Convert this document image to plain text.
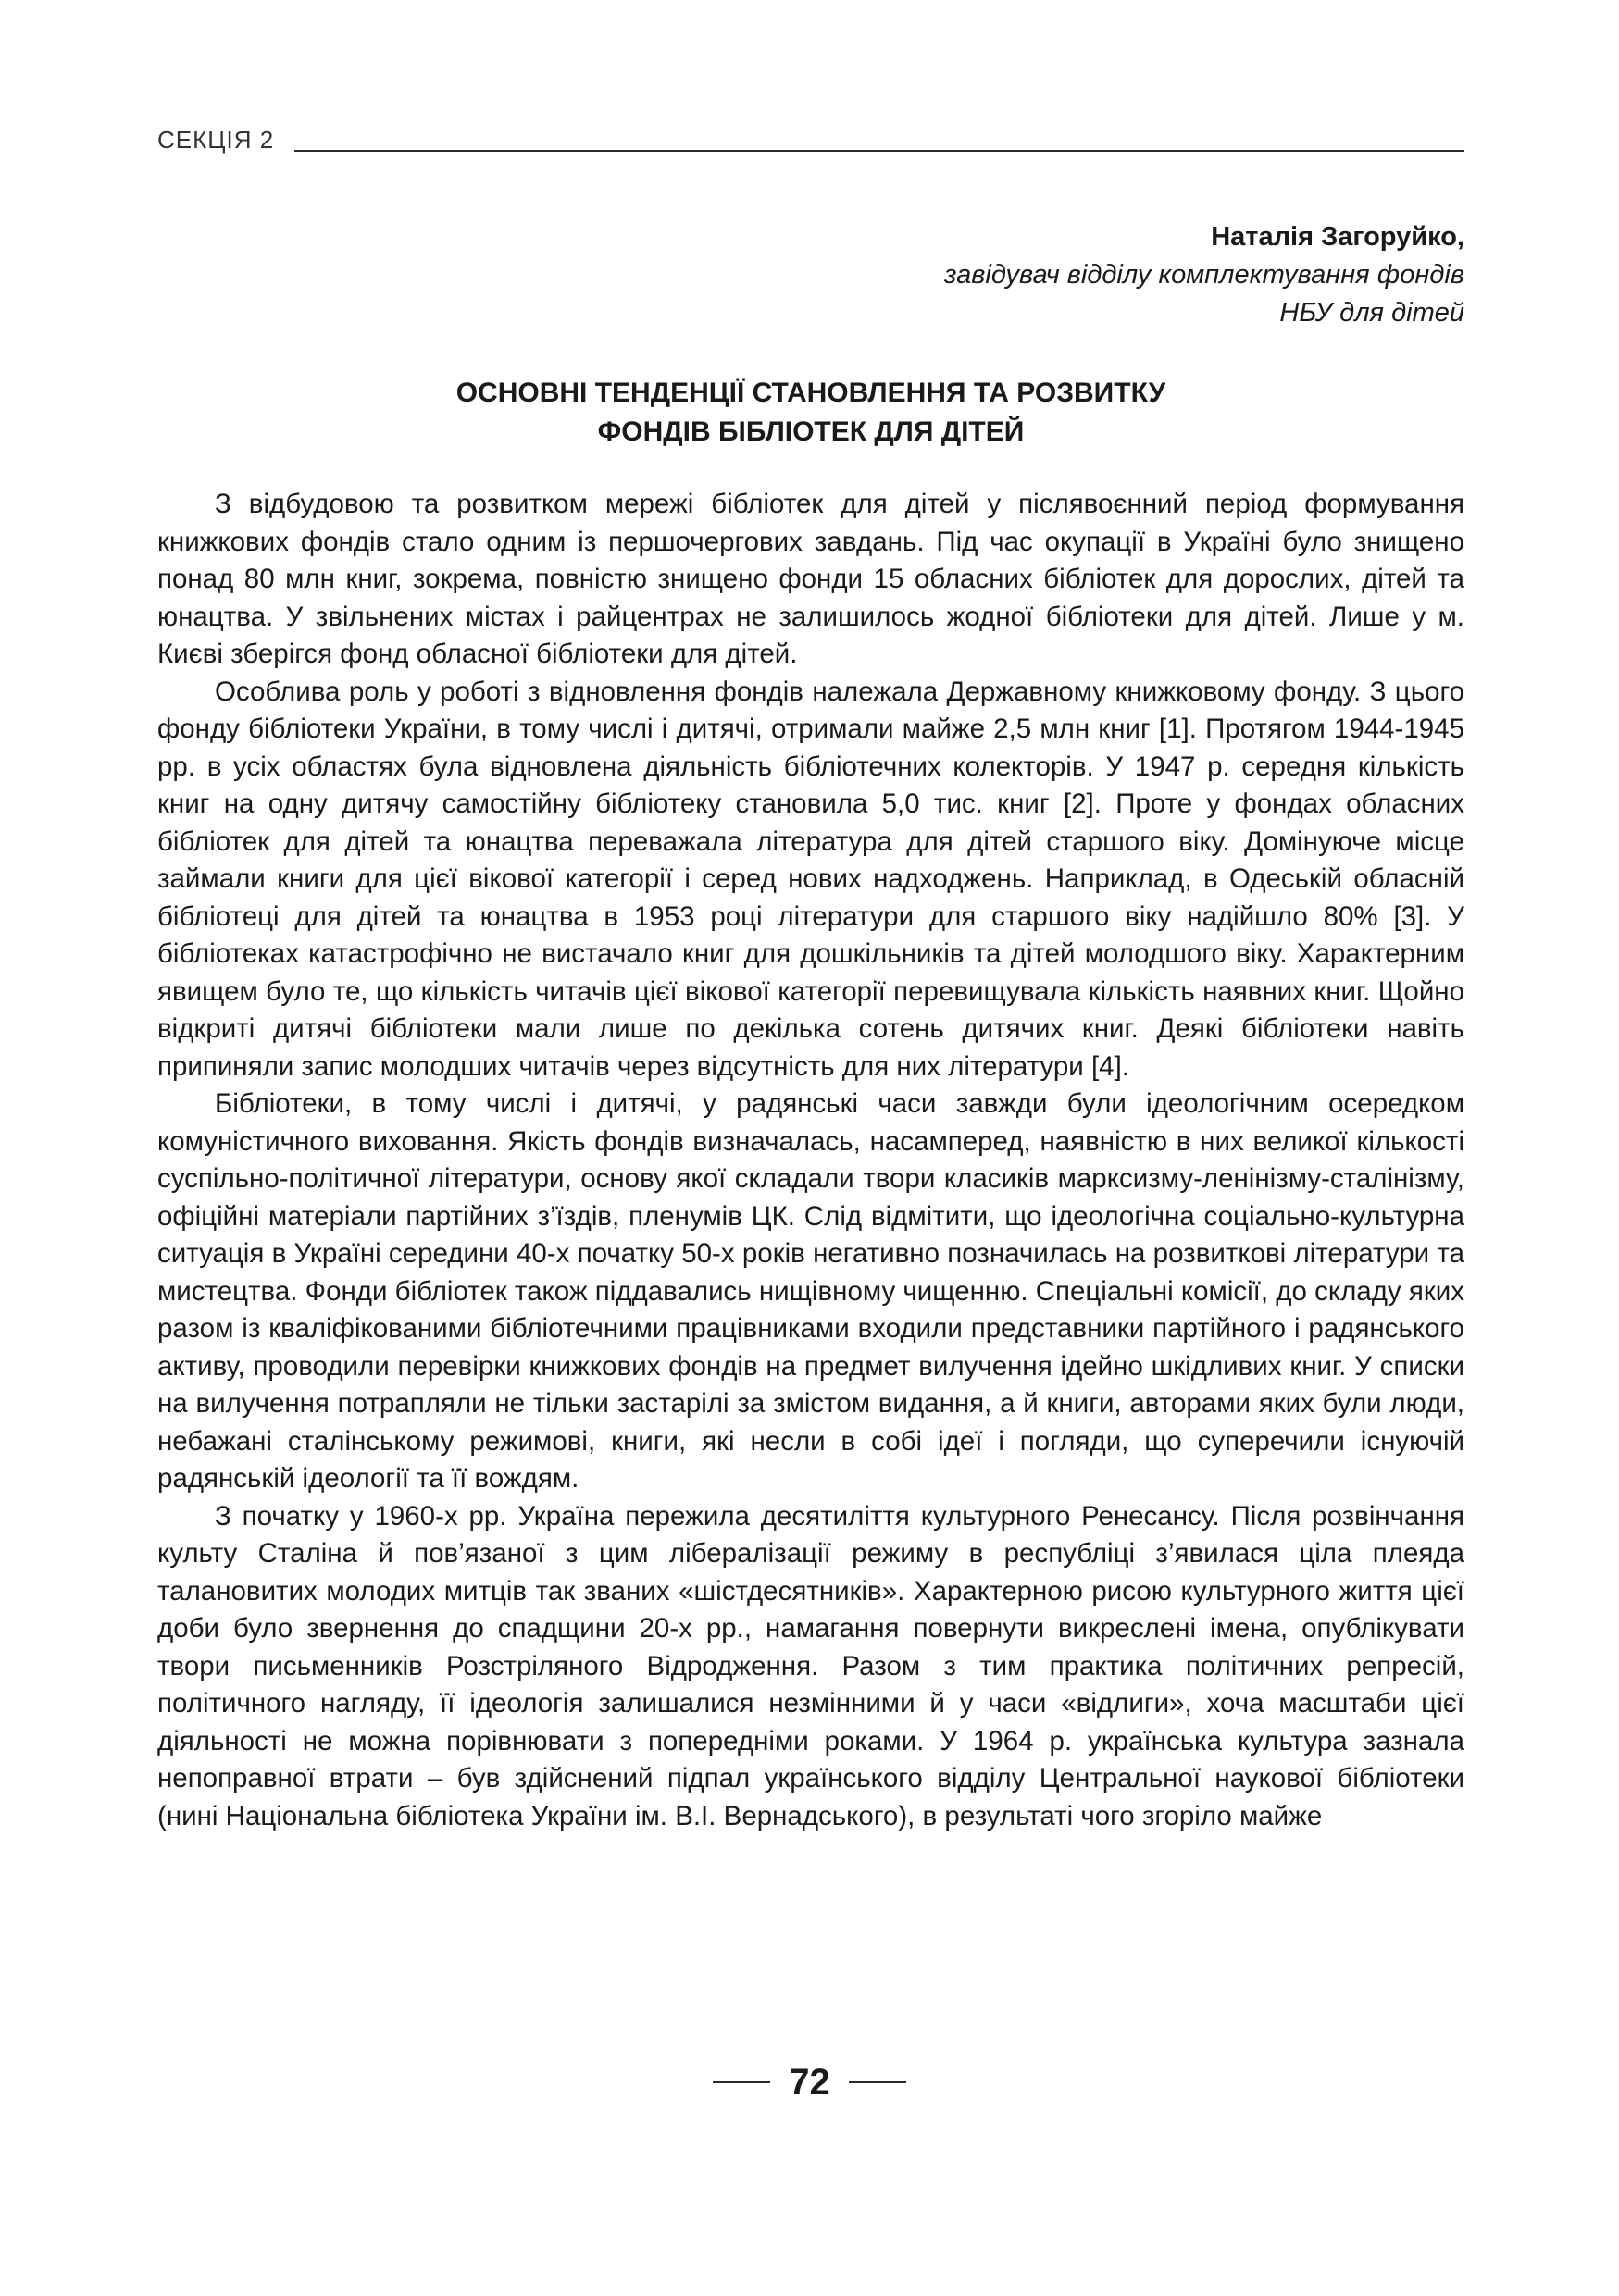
СЕКЦІЯ 2
Наталія Загоруйко,
завідувач відділу комплектування фондів
НБУ для дітей
ОСНОВНІ ТЕНДЕНЦІЇ СТАНОВЛЕННЯ ТА РОЗВИТКУ
ФОНДІВ БІБЛІОТЕК ДЛЯ ДІТЕЙ

З відбудовою та розвитком мережі бібліотек для дітей у післявоєнний період формування книжкових фондів стало одним із першочергових завдань. Під час окупації в Україні було знищено понад 80 млн книг, зокрема, повністю знищено фонди 15 обласних бібліотек для дорослих, дітей та юнацтва. У звільнених містах і райцентрах не залишилось жодної бібліотеки для дітей. Лише у м. Києві зберігся фонд обласної бібліотеки для дітей.

Особлива роль у роботі з відновлення фондів належала Державному книжковому фонду. З цього фонду бібліотеки України, в тому числі і дитячі, отримали майже 2,5 млн книг [1]. Протягом 1944-1945 рр. в усіх областях була відновлена діяльність бібліотечних колекторів. У 1947 р. середня кількість книг на одну дитячу самостійну бібліотеку становила 5,0 тис. книг [2]. Проте у фондах обласних бібліотек для дітей та юнацтва переважала література для дітей старшого віку. Домінуюче місце займали книги для цієї вікової категорії і серед нових надходжень. Наприклад, в Одеській обласній бібліотеці для дітей та юнацтва в 1953 році літератури для старшого віку надійшло 80% [3]. У бібліотеках катастрофічно не вистачало книг для дошкільників та дітей молодшого віку. Характерним явищем було те, що кількість читачів цієї вікової категорії перевищувала кількість наявних книг. Щойно відкриті дитячі бібліотеки мали лише по декілька сотень дитячих книг. Деякі бібліотеки навіть припиняли запис молодших читачів через відсутність для них літератури [4].

Бібліотеки, в тому числі і дитячі, у радянські часи завжди були ідеологічним осередком комуністичного виховання. Якість фондів визначалась, насамперед, наявністю в них великої кількості суспільно-політичної літератури, основу якої складали твори класиків марксизму-ленінізму-сталінізму, офіційні матеріали партійних з’їздів, пленумів ЦК. Слід відмітити, що ідеологічна соціально-культурна ситуація в Україні середини 40-х початку 50-х років негативно позначилась на розвиткові літератури та мистецтва. Фонди бібліотек також піддавались нищівному чищенню. Спеціальні комісії, до складу яких разом із кваліфікованими бібліотечними працівниками входили представники партійного і радянського активу, проводили перевірки книжкових фондів на предмет вилучення ідейно шкідливих книг. У списки на вилучення потрапляли не тільки застарілі за змістом видання, а й книги, авторами яких були люди, небажані сталінському режимові, книги, які несли в собі ідеї і погляди, що суперечили існуючій радянській ідеології та її вождям.

З початку у 1960-х рр. Україна пережила десятиліття культурного Ренесансу. Після розвінчання культу Сталіна й пов’язаної з цим лібералізації режиму в республіці з’явилася ціла плеяда талановитих молодих митців так званих «шістдесятників». Характерною рисою культурного життя цієї доби було звернення до спадщини 20-х рр., намагання повернути викреслені імена, опублікувати твори письменників Розстріляного Відродження. Разом з тим практика політичних репресій, політичного нагляду, її ідеологія залишалися незмінними й у часи «відлиги», хоча масштаби цієї діяльності не можна порівнювати з попередніми роками. У 1964 р. українська культура зазнала непоправної втрати – був здійснений підпал українського відділу Центральної наукової бібліотеки (нині Національна бібліотека України ім. В.І. Вернадського), в результаті чого згоріло майже

72
